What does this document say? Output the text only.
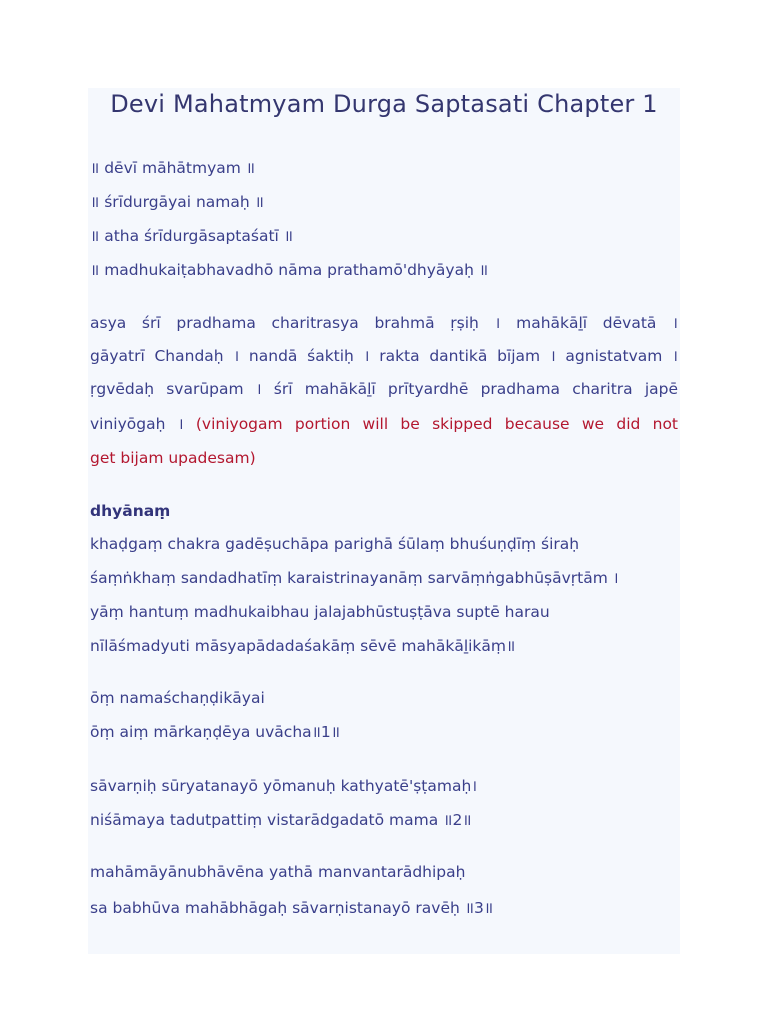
Devi Mahatmyam Durga Saptasati Chapter 1
॥ dēvī māhātmyam ॥
॥ śrīdurgāyai namaḥ ॥
॥ atha śrīdurgāsaptaśatī ॥
॥ madhukaiṭabhavadhō nāma prathamō'dhyāyaḥ ॥
asya śrī pradhama charitrasya brahmā ṛṣiḥ । mahākāḻī dēvatā ।
gāyatrī Chandaḥ । nandā śaktiḥ । rakta dantikā bījam । agnistatvam ।
ṛgvēdaḥ svarūpam । śrī mahākāḻī prītyardhē pradhama charitra japē
viniyōgaḥ । (viniyogam portion will be skipped because we did not
get bijam upadesam)
dhyānaṃ
khaḍgaṃ chakra gadēṣuchāpa parighā śūlaṃ bhuśuṇḍīṃ śiraḥ
śaṃṅkhaṃ sandadhatīṃ karaistrinayanāṃ sarvāṃṅgabhūṣāvṛtām ।
yāṃ hantuṃ madhukaibhau jalajabhūstuṣṭāva suptē harau
nīlāśmadyuti māsyapādadaśakāṃ sēvē mahākāḻikāṃ॥
ōṃ namaśchaṇḍikāyai
ōṃ aiṃ mārkaṇḍēya uvācha॥1॥
sāvarṇiḥ sūryatanayō yōmanuḥ kathyatē'ṣṭamaḥ।
niśāmaya tadutpattiṃ vistarādgadatō mama ॥2॥
mahāmāyānubhāvēna yathā manvantarādhipaḥ
sa babhūva mahābhāgaḥ sāvarṇistanayō ravēḥ ॥3॥
